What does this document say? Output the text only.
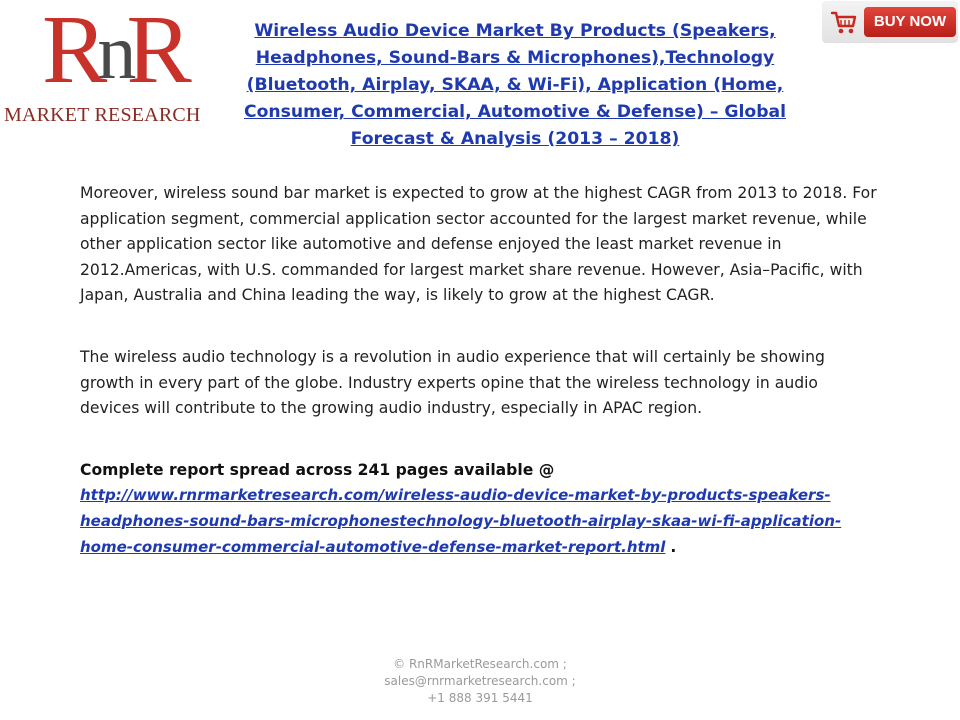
RnR
MARKET RESEARCH
Wireless Audio Device Market By Products (Speakers, Headphones, Sound-Bars & Microphones),Technology (Bluetooth, Airplay, SKAA, & Wi-Fi), Application (Home, Consumer, Commercial, Automotive & Defense) – Global Forecast & Analysis (2013 – 2018)
BUY NOW

Moreover, wireless sound bar market is expected to grow at the highest CAGR from 2013 to 2018. For application segment, commercial application sector accounted for the largest market revenue, while other application sector like automotive and defense enjoyed the least market revenue in 2012.Americas, with U.S. commanded for largest market share revenue. However, Asia–Pacific, with Japan, Australia and China leading the way, is likely to grow at the highest CAGR.

The wireless audio technology is a revolution in audio experience that will certainly be showing growth in every part of the globe. Industry experts opine that the wireless technology in audio devices will contribute to the growing audio industry, especially in APAC region.

Complete report spread across 241 pages available @
http://www.rnrmarketresearch.com/wireless-audio-device-market-by-products-speakers-headphones-sound-bars-microphonestechnology-bluetooth-airplay-skaa-wi-fi-application-home-consumer-commercial-automotive-defense-market-report.html .

© RnRMarketResearch.com ;
sales@rnrmarketresearch.com ;
+1 888 391 5441
